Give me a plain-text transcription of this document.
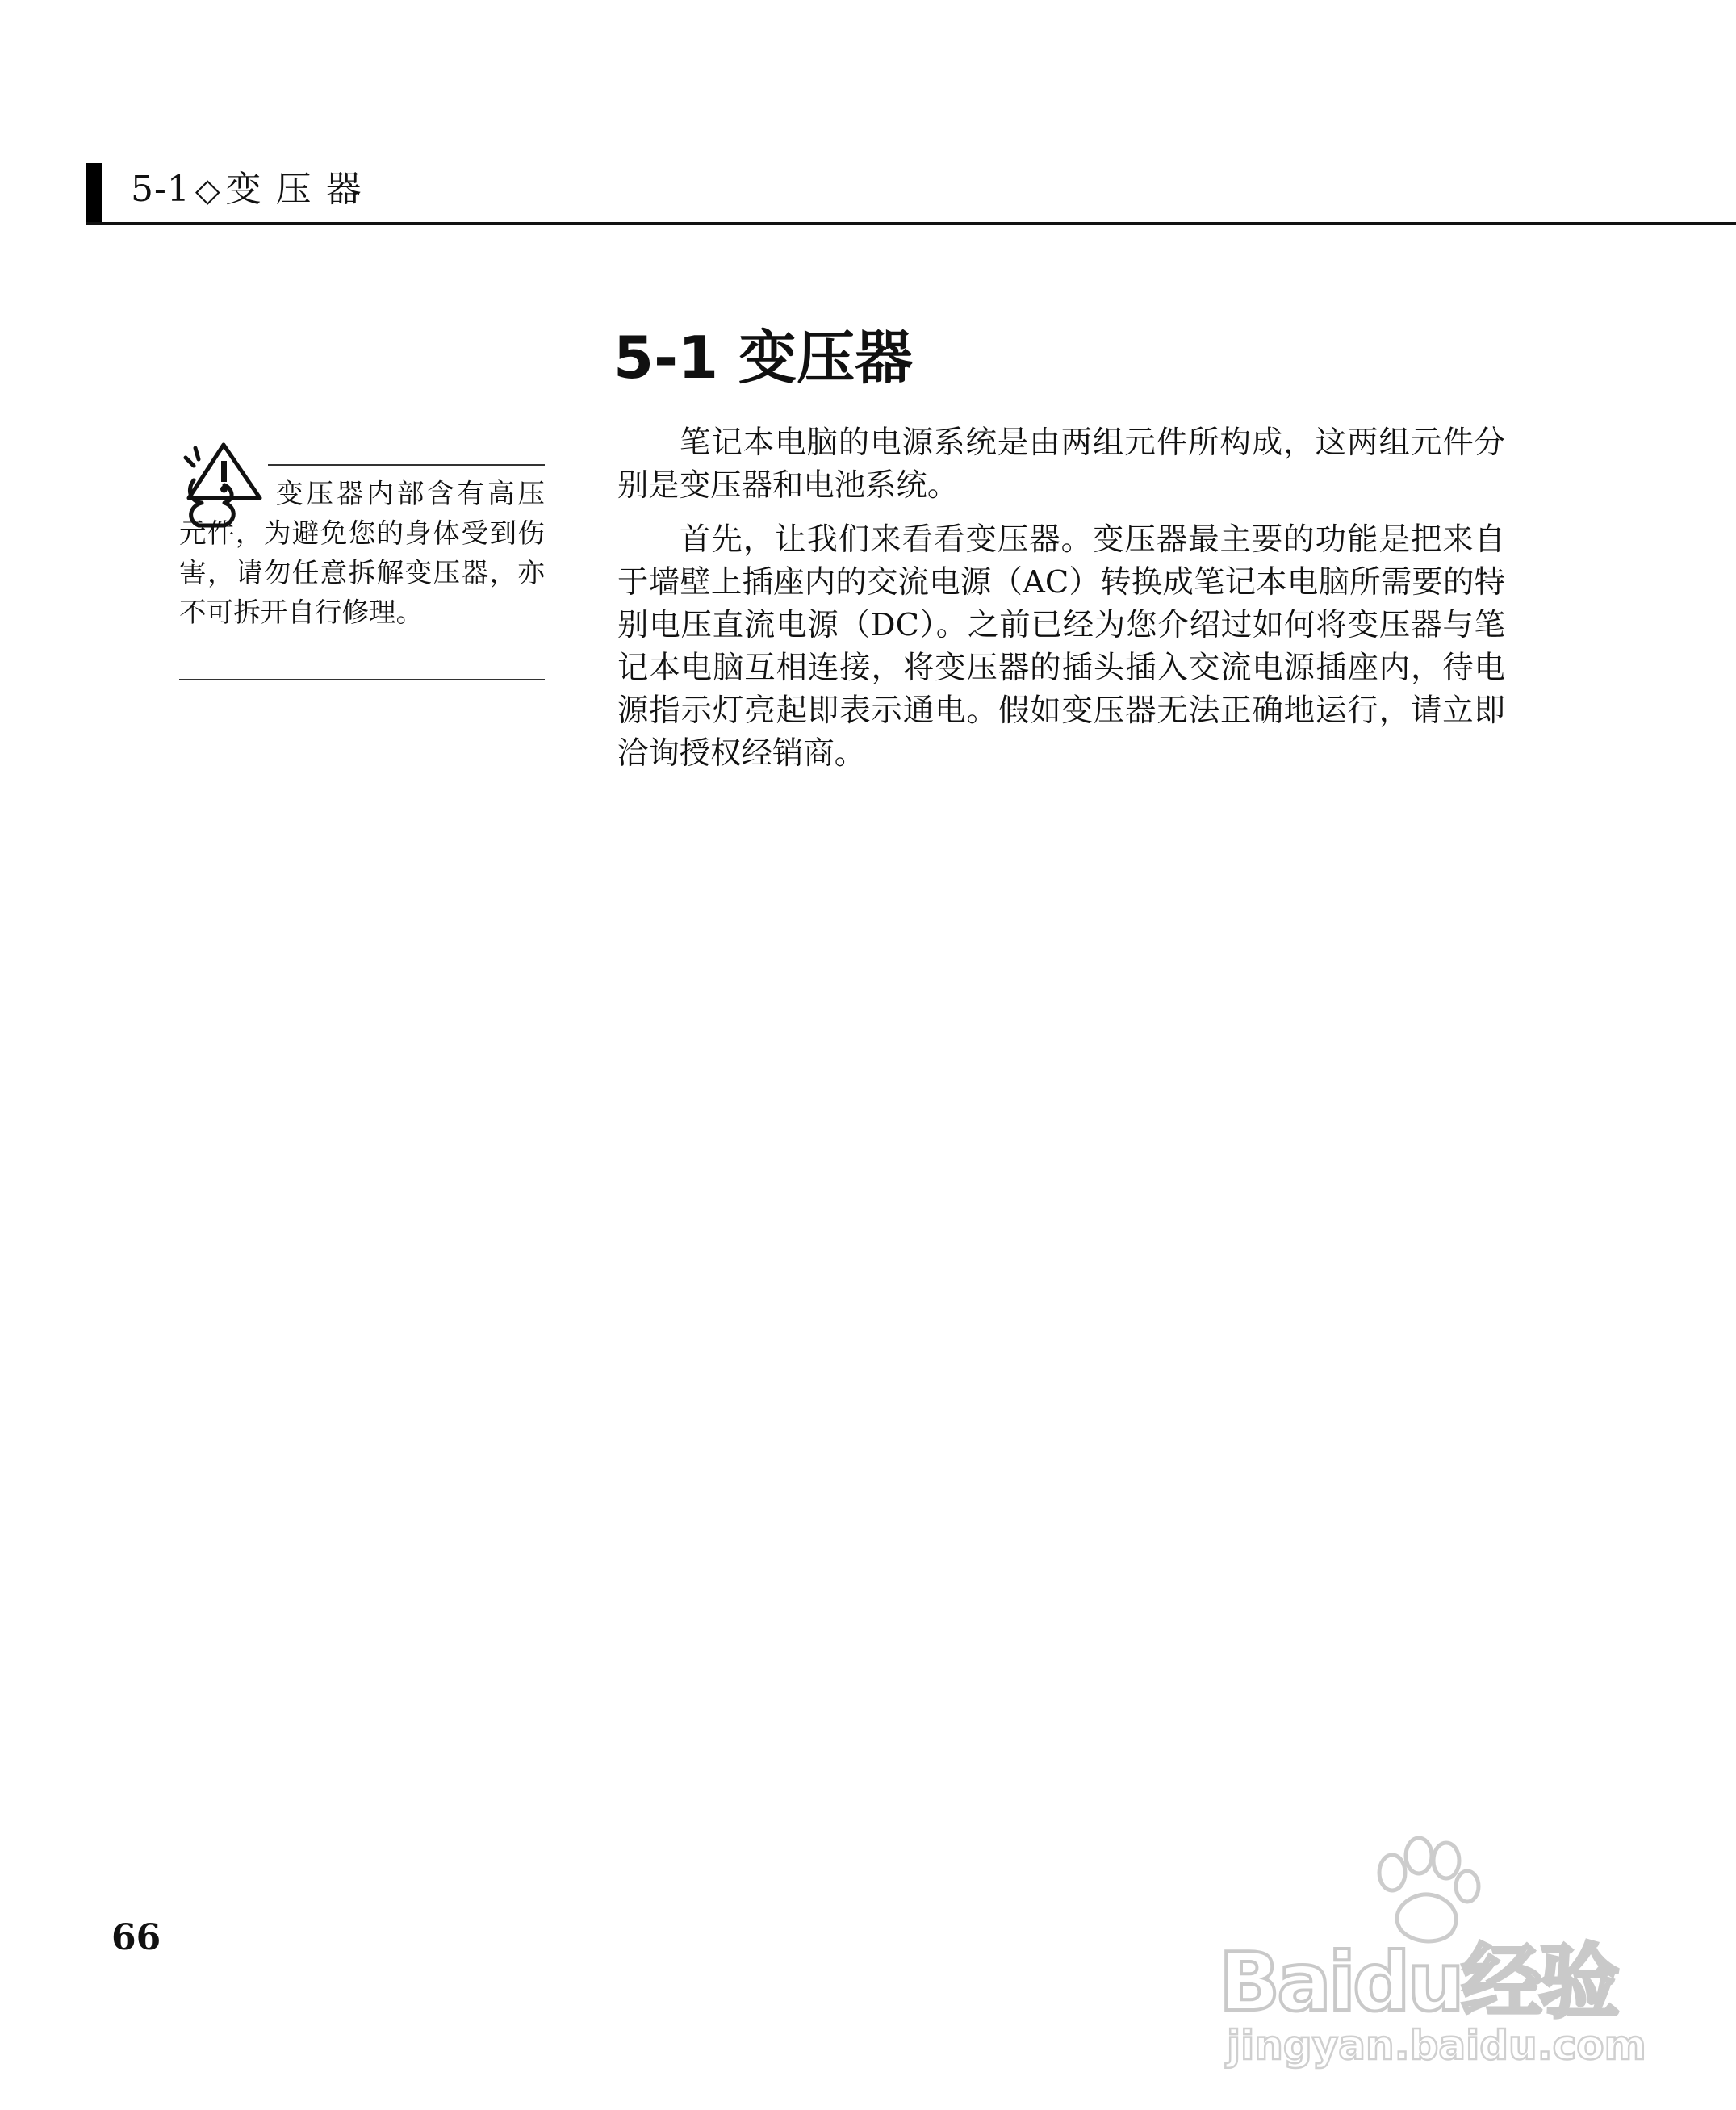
5-1 ◇ 变压器
5-1 变压器

笔记本电脑的电源系统是由两组元件所构成，这两组元件分别是变压器和电池系统。

首先，让我们来看看变压器。变压器最主要的功能是把来自于墙壁上插座内的交流电源（AC）转换成笔记本电脑所需要的特别电压直流电源（DC）。之前已经为您介绍过如何将变压器与笔记本电脑互相连接，将变压器的插头插入交流电源插座内，待电源指示灯亮起即表示通电。假如变压器无法正确地运行，请立即洽询授权经销商。

变压器内部含有高压元件，为避免您的身体受到伤害，请勿任意拆解变压器，亦不可拆开自行修理。

66	Baidu经验
jingyan.baidu.com
